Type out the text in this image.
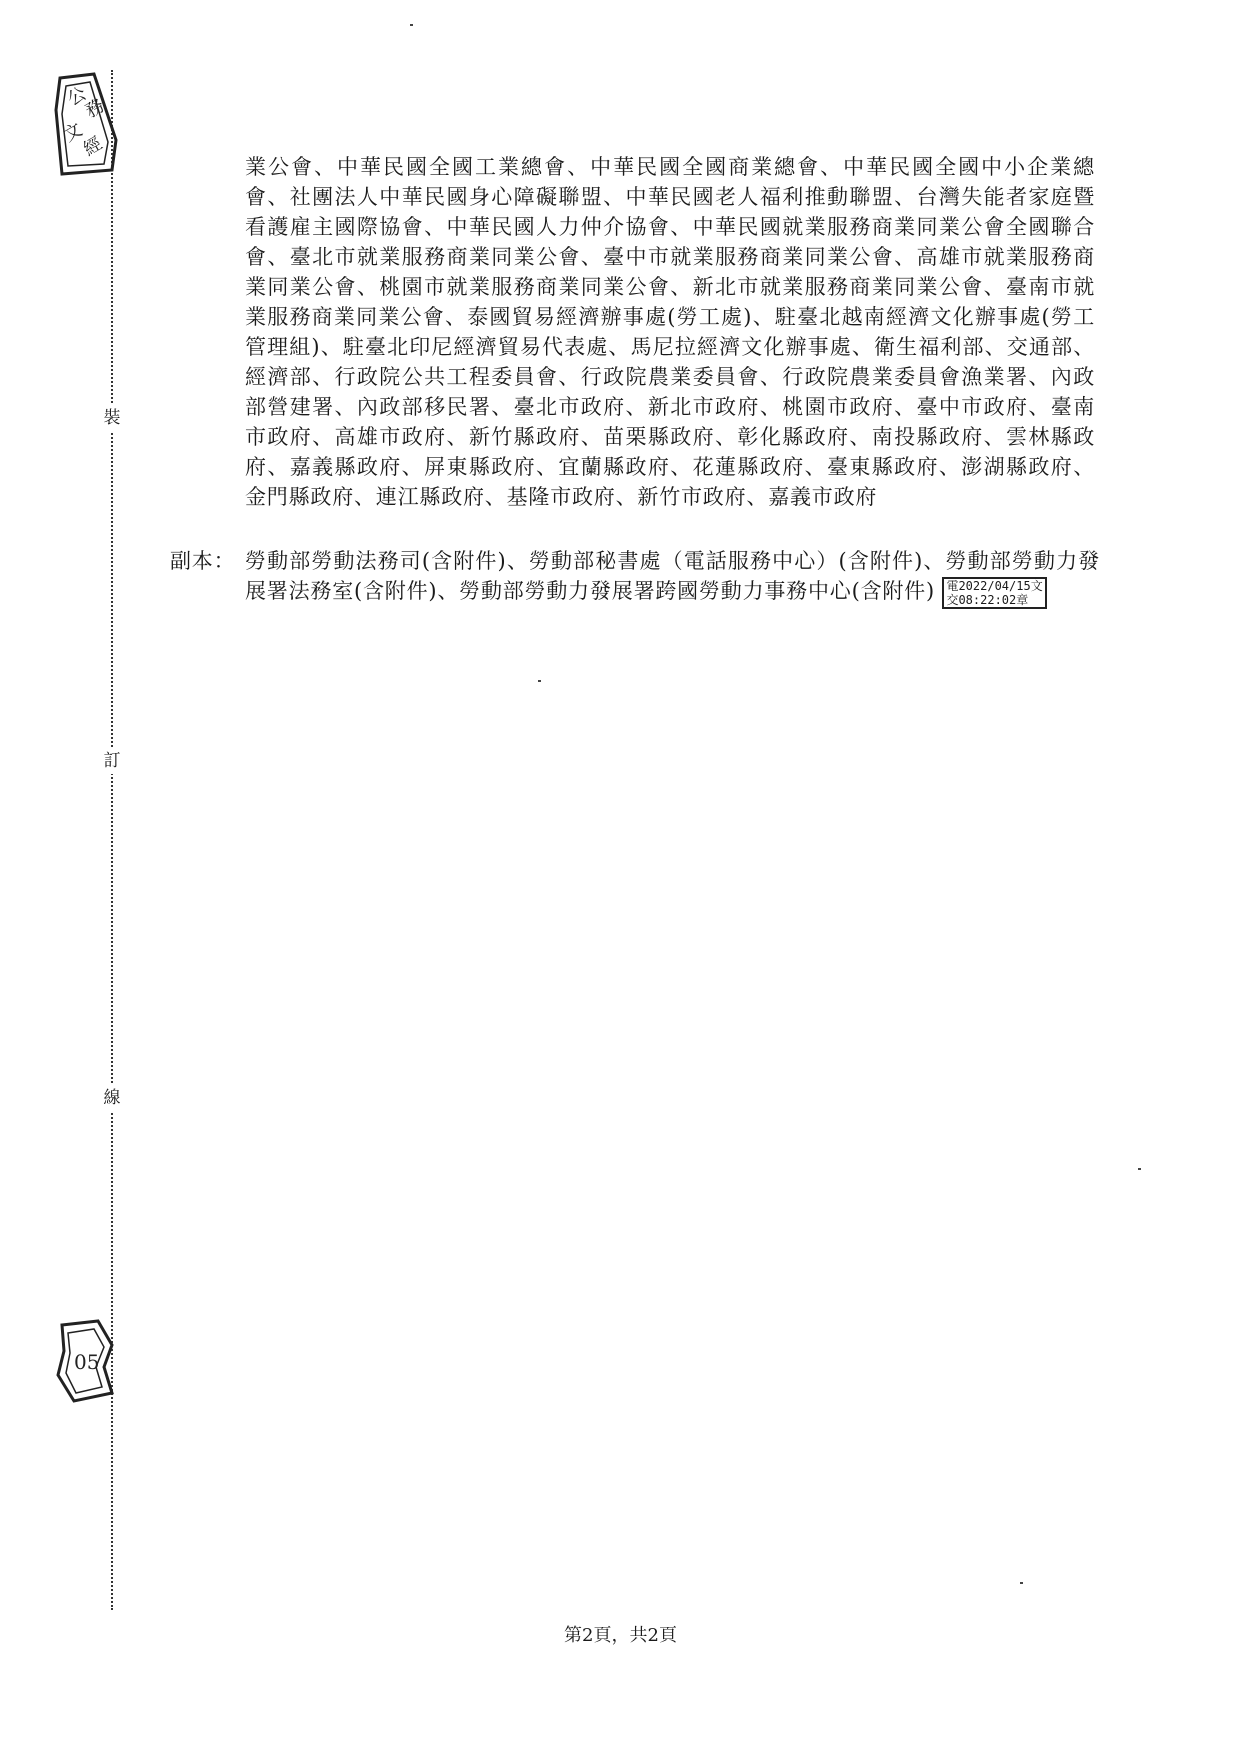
裝
訂
線
公
務
文
經
05
業公會、中華民國全國工業總會、中華民國全國商業總會、中華民國全國中小企業總會、社團法人中華民國身心障礙聯盟、中華民國老人福利推動聯盟、台灣失能者家庭暨看護雇主國際協會、中華民國人力仲介協會、中華民國就業服務商業同業公會全國聯合會、臺北市就業服務商業同業公會、臺中市就業服務商業同業公會、高雄市就業服務商業同業公會、桃園市就業服務商業同業公會、新北市就業服務商業同業公會、臺南市就業服務商業同業公會、泰國貿易經濟辦事處(勞工處)、駐臺北越南經濟文化辦事處(勞工管理組)、駐臺北印尼經濟貿易代表處、馬尼拉經濟文化辦事處、衛生福利部、交通部、經濟部、行政院公共工程委員會、行政院農業委員會、行政院農業委員會漁業署、內政部營建署、內政部移民署、臺北市政府、新北市政府、桃園市政府、臺中市政府、臺南市政府、高雄市政府、新竹縣政府、苗栗縣政府、彰化縣政府、南投縣政府、雲林縣政府、嘉義縣政府、屏東縣政府、宜蘭縣政府、花蓮縣政府、臺東縣政府、澎湖縣政府、金門縣政府、連江縣政府、基隆市政府、新竹市政府、嘉義市政府
副本： 勞動部勞動法務司(含附件)、勞動部秘書處（電話服務中心）(含附件)、勞動部勞動力發展署法務室(含附件)、勞動部勞動力發展署跨國勞動力事務中心(含附件) 電2022/04/15文
交08:22:02章
第2頁，共2頁
